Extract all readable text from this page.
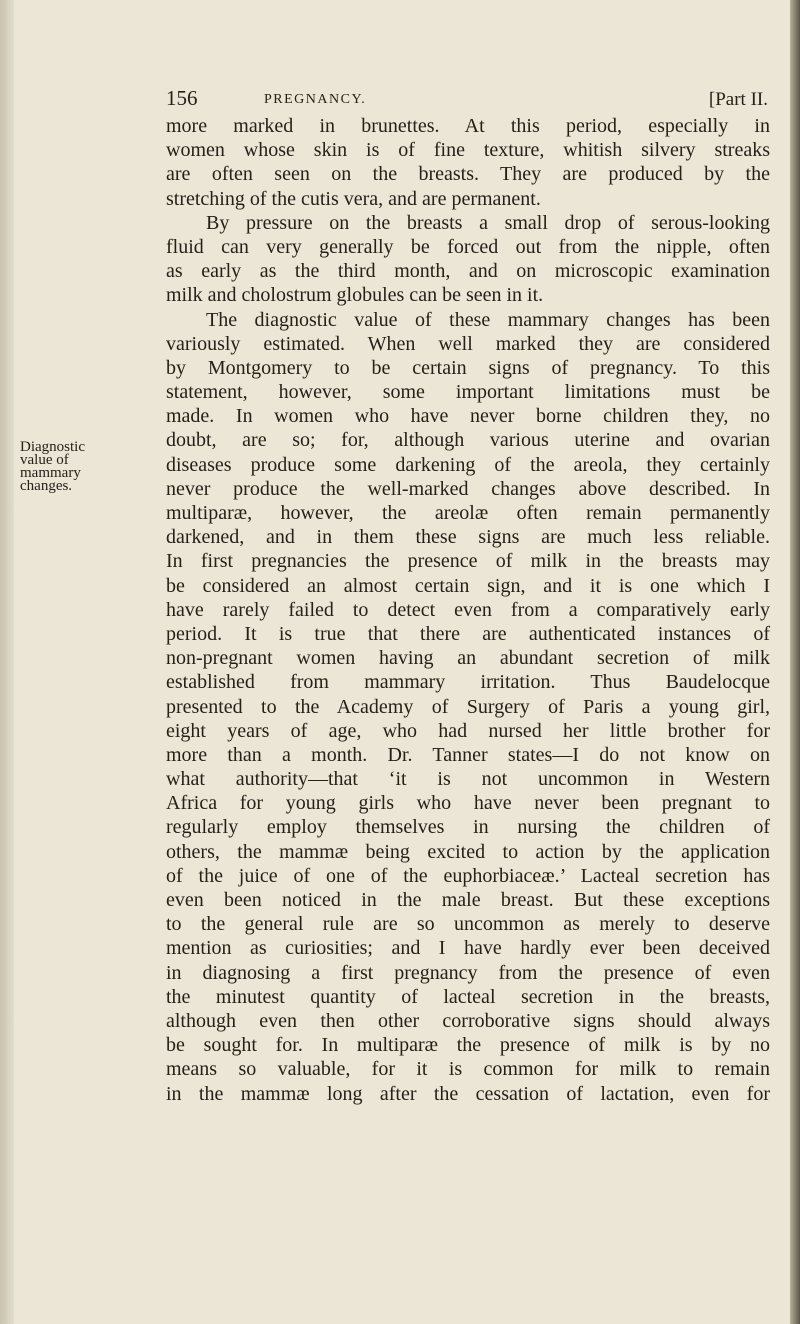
156	PREGNANCY.	[Part II.
Diagnostic
value of
mammary
changes.
more marked in brunettes. At this period, especially in
women whose skin is of fine texture, whitish silvery streaks
are often seen on the breasts. They are produced by the
stretching of the cutis vera, and are permanent.
By pressure on the breasts a small drop of serous-looking
fluid can very generally be forced out from the nipple, often
as early as the third month, and on microscopic examination
milk and cholostrum globules can be seen in it.
The diagnostic value of these mammary changes has been
variously estimated. When well marked they are considered
by Montgomery to be certain signs of pregnancy. To this
statement, however, some important limitations must be
made. In women who have never borne children they, no
doubt, are so; for, although various uterine and ovarian
diseases produce some darkening of the areola, they certainly
never produce the well-marked changes above described. In
multiparæ, however, the areolæ often remain permanently
darkened, and in them these signs are much less reliable.
In first pregnancies the presence of milk in the breasts may
be considered an almost certain sign, and it is one which I
have rarely failed to detect even from a comparatively early
period. It is true that there are authenticated instances of
non-pregnant women having an abundant secretion of milk
established from mammary irritation. Thus Baudelocque
presented to the Academy of Surgery of Paris a young girl,
eight years of age, who had nursed her little brother for
more than a month. Dr. Tanner states—I do not know on
what authority—that ‘it is not uncommon in Western
Africa for young girls who have never been pregnant to
regularly employ themselves in nursing the children of
others, the mammæ being excited to action by the application
of the juice of one of the euphorbiaceæ.’ Lacteal secretion has
even been noticed in the male breast. But these exceptions
to the general rule are so uncommon as merely to deserve
mention as curiosities; and I have hardly ever been deceived
in diagnosing a first pregnancy from the presence of even
the minutest quantity of lacteal secretion in the breasts,
although even then other corroborative signs should always
be sought for. In multiparæ the presence of milk is by no
means so valuable, for it is common for milk to remain
in the mammæ long after the cessation of lactation, even for
